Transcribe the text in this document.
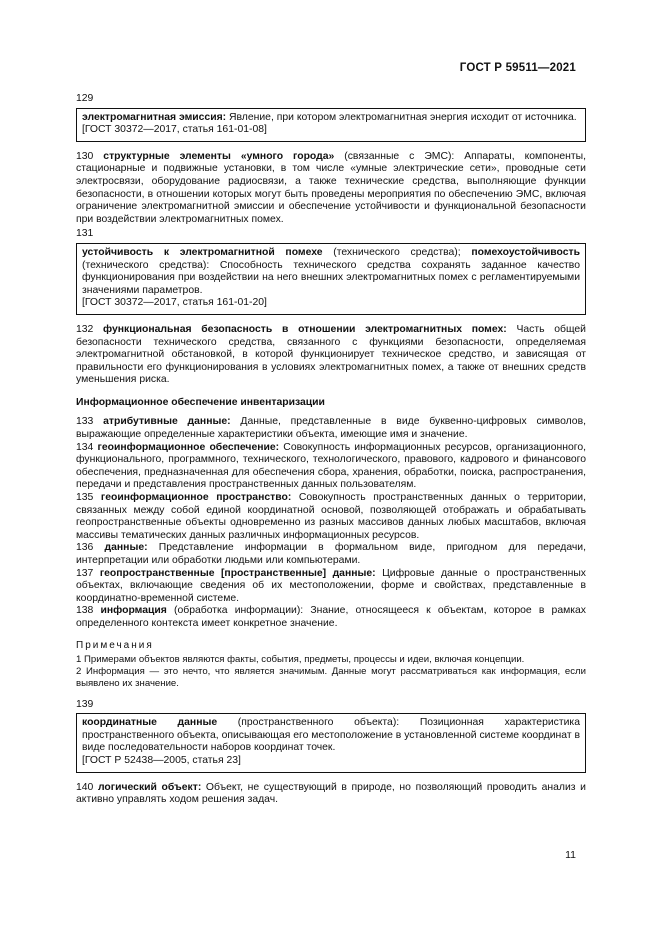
ГОСТ Р 59511—2021
129

электромагнитная эмиссия: Явление, при котором электромагнитная энергия исходит от источника.

[ГОСТ 30372—2017, статья 161-01-08]

130 структурные элементы «умного города» (связанные с ЭМС): Аппараты, компоненты, стационарные и подвижные установки, в том числе «умные электрические сети», проводные сети электросвязи, оборудование радиосвязи, а также технические средства, выполняющие функции безопасности, в отношении которых могут быть проведены мероприятия по обеспечению ЭМС, включая ограничение электромагнитной эмиссии и обеспечение устойчивости и функциональной безопасности при воздействии электромагнитных помех.

131

устойчивость к электромагнитной помехе (технического средства); помехоустойчивость (технического средства): Способность технического средства сохранять заданное качество функционирования при воздействии на него внешних электромагнитных помех с регламентируемыми значениями параметров.

[ГОСТ 30372—2017, статья 161-01-20]

132 функциональная безопасность в отношении электромагнитных помех: Часть общей безопасности технического средства, связанного с функциями безопасности, определяемая электромагнитной обстановкой, в которой функционирует техническое средство, и зависящая от правильности его функционирования в условиях электромагнитных помех, а также от внешних средств уменьшения риска.

Информационное обеспечение инвентаризации

133 атрибутивные данные: Данные, представленные в виде буквенно-цифровых символов, выражающие определенные характеристики объекта, имеющие имя и значение.

134 геоинформационное обеспечение: Совокупность информационных ресурсов, организационного, функционального, программного, технического, технологического, правового, кадрового и финансового обеспечения, предназначенная для обеспечения сбора, хранения, обработки, поиска, распространения, передачи и представления пространственных данных пользователям.

135 геоинформационное пространство: Совокупность пространственных данных о территории, связанных между собой единой координатной основой, позволяющей отображать и обрабатывать геопространственные объекты одновременно из разных массивов данных любых масштабов, включая массивы тематических данных различных информационных ресурсов.

136 данные: Представление информации в формальном виде, пригодном для передачи, интерпретации или обработки людьми или компьютерами.

137 геопространственные [пространственные] данные: Цифровые данные о пространственных объектах, включающие сведения об их местоположении, форме и свойствах, представленные в координатно-временной системе.

138 информация (обработка информации): Знание, относящееся к объектам, которое в рамках определенного контекста имеет конкретное значение.

Примечания

1 Примерами объектов являются факты, события, предметы, процессы и идеи, включая концепции.

2 Информация — это нечто, что является значимым. Данные могут рассматриваться как информация, если выявлено их значение.

139

координатные данные (пространственного объекта): Позиционная характеристика пространственного объекта, описывающая его местоположение в установленной системе координат в виде последовательности наборов координат точек.

[ГОСТ Р 52438—2005, статья 23]

140 логический объект: Объект, не существующий в природе, но позволяющий проводить анализ и активно управлять ходом решения задач.

11
